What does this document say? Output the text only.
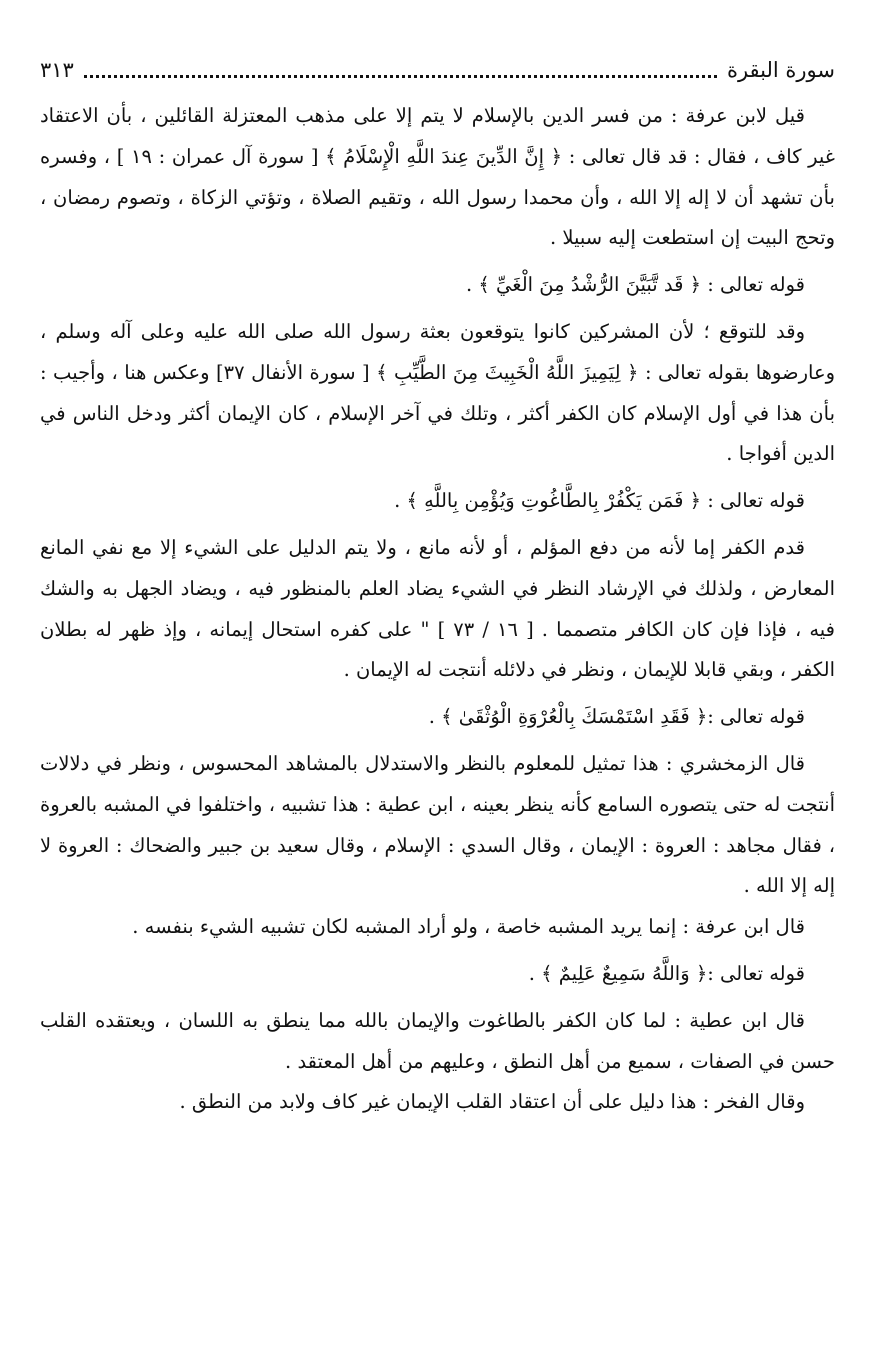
سورة البقرة
٣١٣

قيل لابن عرفة : من فسر الدين بالإسلام لا يتم إلا على مذهب المعتزلة القائلين ، بأن الاعتقاد غير كاف ، فقال : قد قال تعالى : ﴿ إِنَّ الدِّينَ عِندَ اللَّهِ الْإِسْلَامُ ﴾ [ سورة آل عمران : ١٩ ] ، وفسره بأن تشهد أن لا إله إلا الله ، وأن محمدا رسول الله ، وتقيم الصلاة ، وتؤتي الزكاة ، وتصوم رمضان ، وتحج البيت إن استطعت إليه سبيلا .

قوله تعالى : ﴿ قَد تَّبَيَّنَ الرُّشْدُ مِنَ الْغَيِّ ﴾ .

وقد للتوقع ؛ لأن المشركين كانوا يتوقعون بعثة رسول الله صلى الله عليه وعلى آله وسلم ، وعارضوها بقوله تعالى : ﴿ لِيَمِيزَ اللَّهُ الْخَبِيثَ مِنَ الطَّيِّبِ ﴾ [ سورة الأنفال ٣٧] وعكس هنا ، وأجيب : بأن هذا في أول الإسلام كان الكفر أكثر ، وتلك في آخر الإسلام ، كان الإيمان أكثر ودخل الناس في الدين أفواجا .

قوله تعالى : ﴿ فَمَن يَكْفُرْ بِالطَّاغُوتِ وَيُؤْمِن بِاللَّهِ ﴾ .

قدم الكفر إما لأنه من دفع المؤلم ، أو لأنه مانع ، ولا يتم الدليل على الشيء إلا مع نفي المانع المعارض ، ولذلك في الإرشاد النظر في الشيء يضاد العلم بالمنظور فيه ، ويضاد الجهل به والشك فيه ، فإذا فإن كان الكافر متصمما . [ ١٦ / ٧٣ ] " على كفره استحال إيمانه ، وإذ ظهر له بطلان الكفر ، وبقي قابلا للإيمان ، ونظر في دلائله أنتجت له الإيمان .

قوله تعالى :﴿ فَقَدِ اسْتَمْسَكَ بِالْعُرْوَةِ الْوُثْقَىٰ ﴾ .

قال الزمخشري : هذا تمثيل للمعلوم بالنظر والاستدلال بالمشاهد المحسوس ، ونظر في دلالات أنتجت له حتى يتصوره السامع كأنه ينظر بعينه ، ابن عطية : هذا تشبيه ، واختلفوا في المشبه بالعروة ، فقال مجاهد : العروة : الإيمان ، وقال السدي : الإسلام ، وقال سعيد بن جبير والضحاك : العروة لا إله إلا الله .

قال ابن عرفة : إنما يريد المشبه خاصة ، ولو أراد المشبه لكان تشبيه الشيء بنفسه .

قوله تعالى :﴿ وَاللَّهُ سَمِيعٌ عَلِيمٌ ﴾ .

قال ابن عطية : لما كان الكفر بالطاغوت والإيمان بالله مما ينطق به اللسان ، ويعتقده القلب حسن في الصفات ، سميع من أهل النطق ، وعليهم من أهل المعتقد .

وقال الفخر : هذا دليل على أن اعتقاد القلب الإيمان غير كاف ولابد من النطق .
